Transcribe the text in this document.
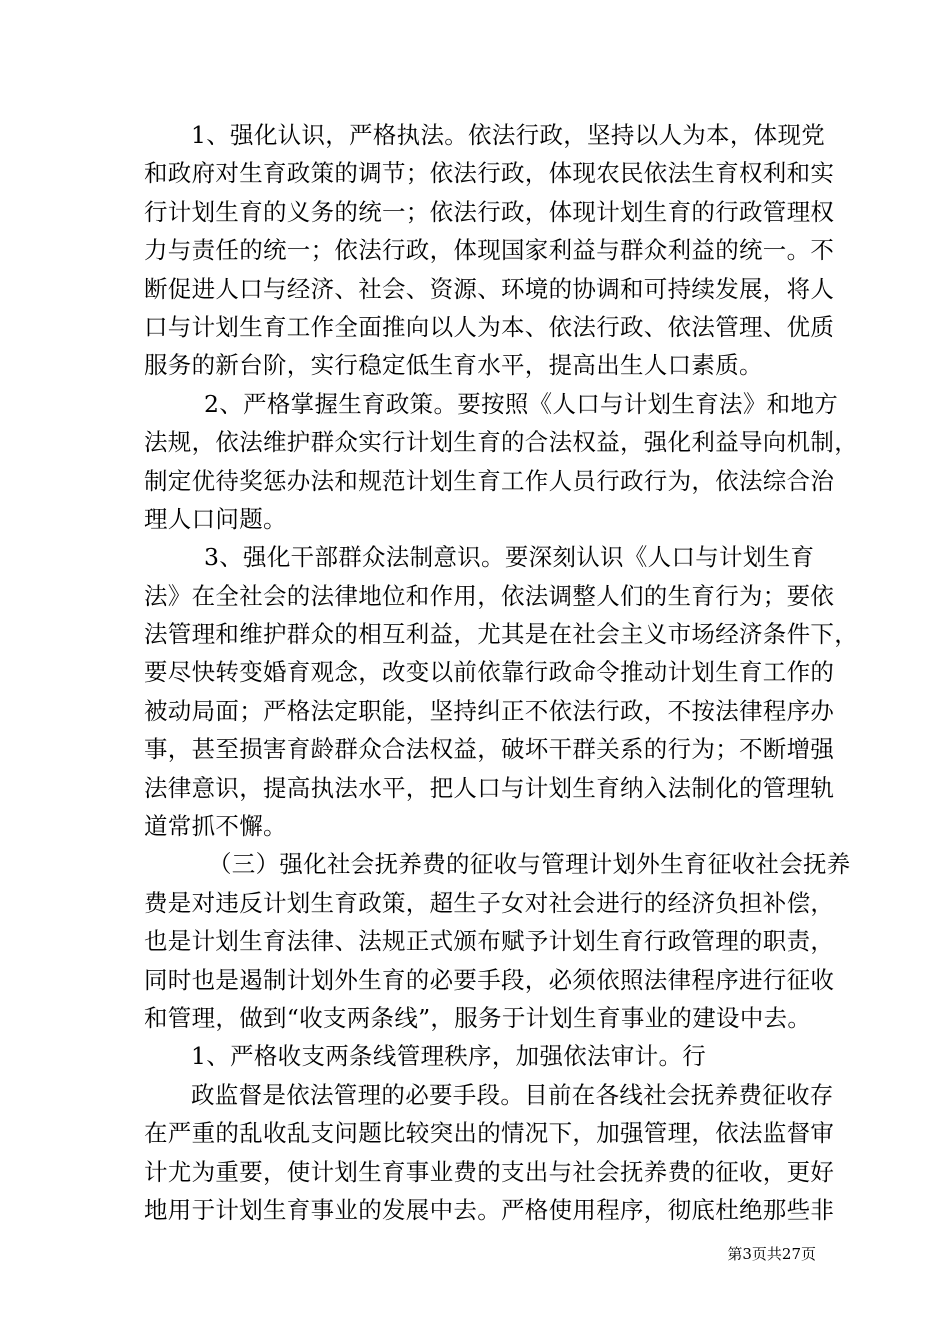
1、强化认识，严格执法。依法行政，坚持以人为本，体现党
和政府对生育政策的调节；依法行政，体现农民依法生育权利和实
行计划生育的义务的统一；依法行政，体现计划生育的行政管理权
力与责任的统一；依法行政，体现国家利益与群众利益的统一。不
断促进人口与经济、社会、资源、环境的协调和可持续发展，将人
口与计划生育工作全面推向以人为本、依法行政、依法管理、优质
服务的新台阶，实行稳定低生育水平，提高出生人口素质。
2、严格掌握生育政策。要按照《人口与计划生育法》和地方
法规，依法维护群众实行计划生育的合法权益，强化利益导向机制，
制定优待奖惩办法和规范计划生育工作人员行政行为，依法综合治
理人口问题。
3、强化干部群众法制意识。要深刻认识《人口与计划生育
法》在全社会的法律地位和作用，依法调整人们的生育行为；要依
法管理和维护群众的相互利益，尤其是在社会主义市场经济条件下，
要尽快转变婚育观念，改变以前依靠行政命令推动计划生育工作的
被动局面；严格法定职能，坚持纠正不依法行政，不按法律程序办
事，甚至损害育龄群众合法权益，破坏干群关系的行为；不断增强
法律意识，提高执法水平，把人口与计划生育纳入法制化的管理轨
道常抓不懈。
（三）强化社会抚养费的征收与管理计划外生育征收社会抚养
费是对违反计划生育政策，超生子女对社会进行的经济负担补偿，
也是计划生育法律、法规正式颁布赋予计划生育行政管理的职责，
同时也是遏制计划外生育的必要手段，必须依照法律程序进行征收
和管理，做到“收支两条线”，服务于计划生育事业的建设中去。
1、严格收支两条线管理秩序，加强依法审计。行
政监督是依法管理的必要手段。目前在各线社会抚养费征收存
在严重的乱收乱支问题比较突出的情况下，加强管理，依法监督审
计尤为重要，使计划生育事业费的支出与社会抚养费的征收，更好
地用于计划生育事业的发展中去。严格使用程序，彻底杜绝那些非
第3页共27页
